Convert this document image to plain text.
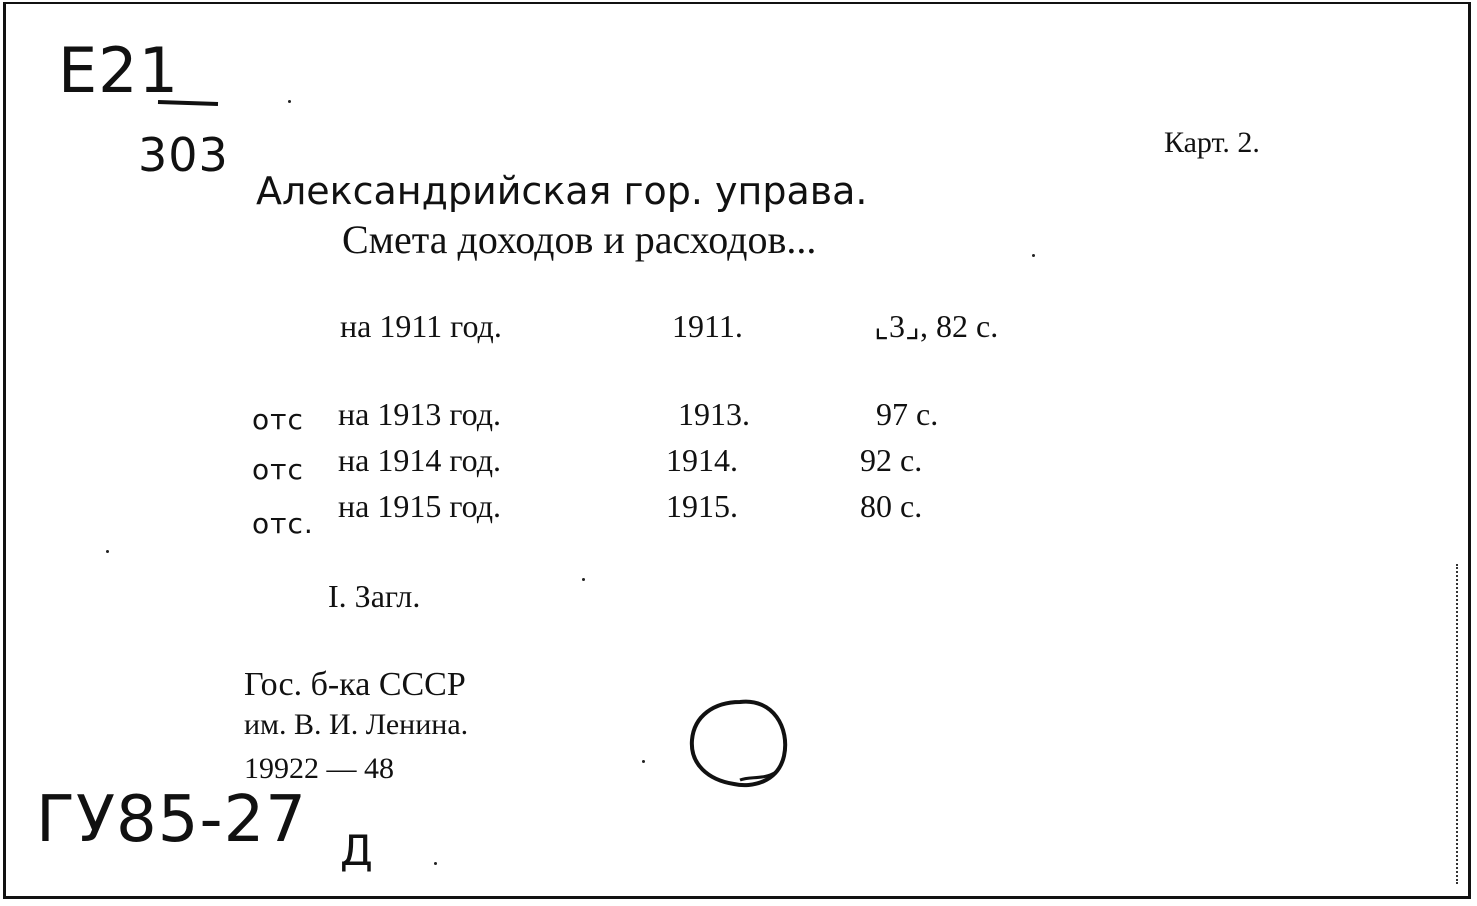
E21
303	Карт. 2.
Александрийская гор. управа.
Смета доходов и расходов...
на 1911 год.	1911.	⌞3⌟, 82 с.
отс на 1913 год.	1913.	97 с.
отс на 1914 год.	1914.	92 с.
отс. на 1915 год.	1915.	80 с.
I. Загл.
Гос. б-ка СССР
им. В. И. Ленина.
19922 — 48
ГУ85-27 Д
